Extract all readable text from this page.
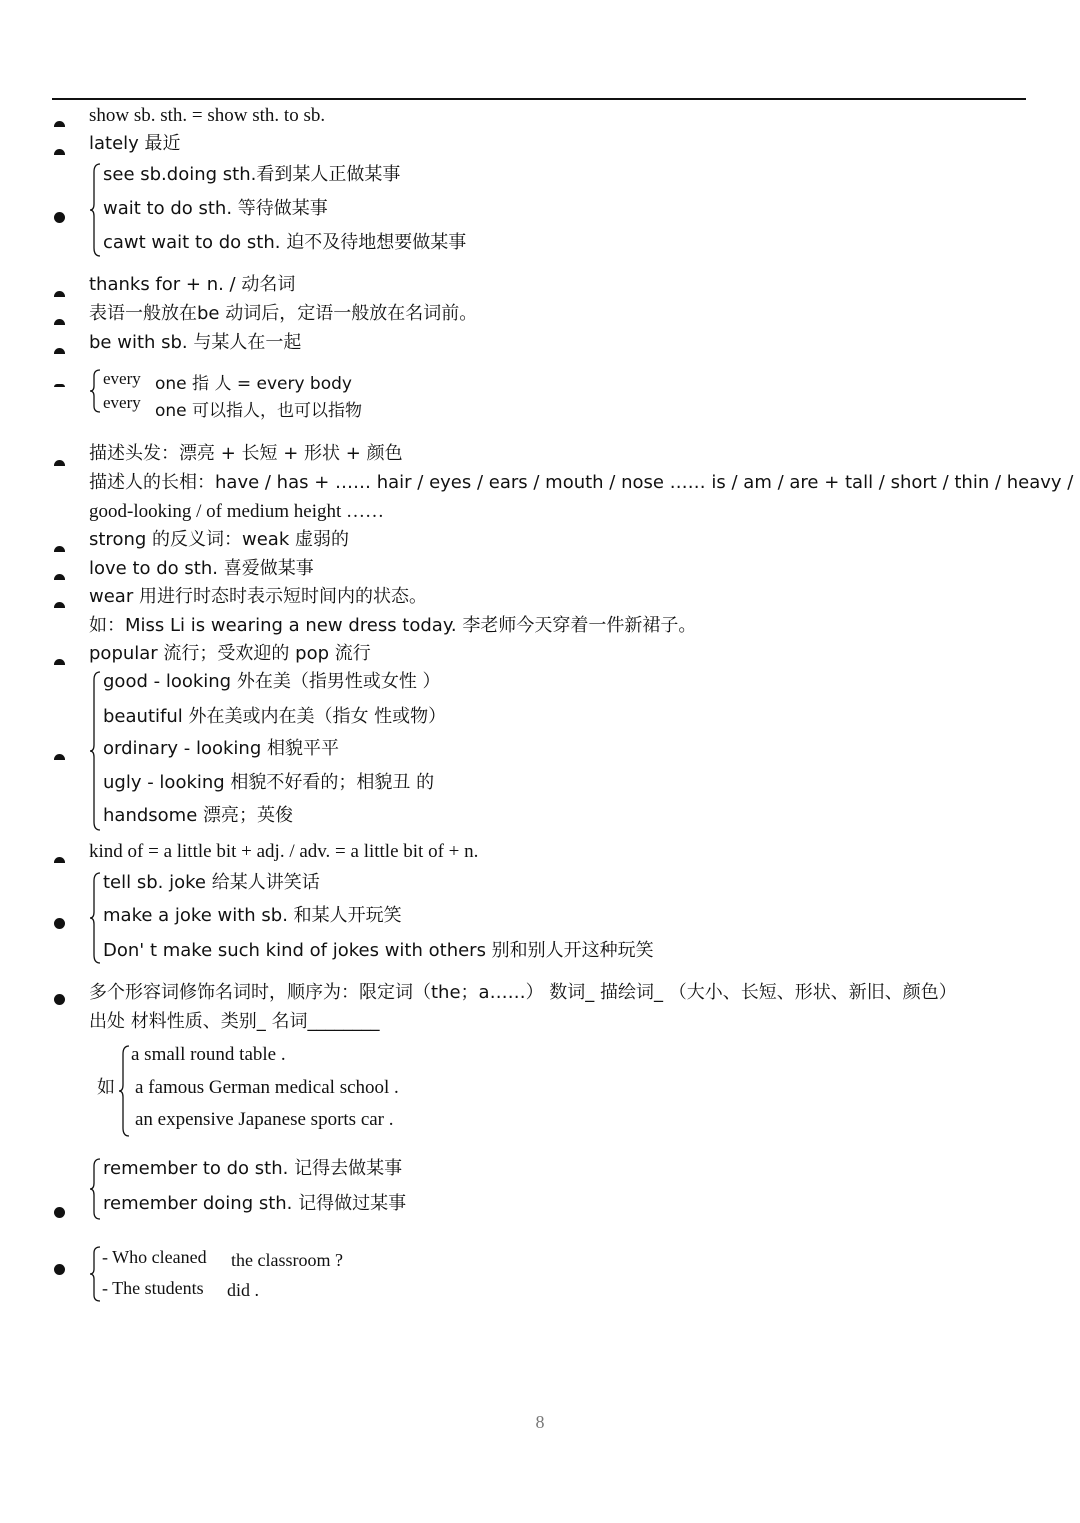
show sb. sth. = show sth. to sb.
lately 最近
see sb.doing sth.看到某人正做某事
wait to do sth. 等待做某事
cawt wait to do sth. 迫不及待地想要做某事
thanks for + n. / 动名词
表语一般放在be 动词后，定语一般放在名词前。
be with sb. 与某人在一起
every
every
one 指 人 = every body
one 可以指人，也可以指物
描述头发：漂亮 + 长短 + 形状 + 颜色
描述人的长相：have / has + …… hair / eyes / ears / mouth / nose …… is / am / are + tall / short / thin / heavy /
good-looking / of medium height ……
strong 的反义词：weak 虚弱的
love to do sth. 喜爱做某事
wear 用进行时态时表示短时间内的状态。
如：Miss Li is wearing a new dress today. 李老师今天穿着一件新裙子。
popular 流行；受欢迎的 pop 流行
good - looking 外在美（指男性或女性 ）
beautiful 外在美或内在美（指女 性或物）
ordinary - looking 相貌平平
ugly - looking 相貌不好看的；相貌丑 的
handsome 漂亮；英俊
kind of = a little bit + adj. / adv. = a little bit of + n.
tell sb. joke 给某人讲笑话
make a joke with sb. 和某人开玩笑
Don' t make such kind of jokes with others 别和别人开这种玩笑
多个形容词修饰名词时，顺序为：限定词（the；a……） 数词_ 描绘词_ （大小、长短、形状、新旧、颜色）
出处 材料性质、类别_ 名词________
如
a small round table .
a famous German medical school .
an expensive Japanese sports car .
remember to do sth. 记得去做某事
remember doing sth. 记得做过某事
- Who cleaned
- The students
the classroom ?
did .
8
